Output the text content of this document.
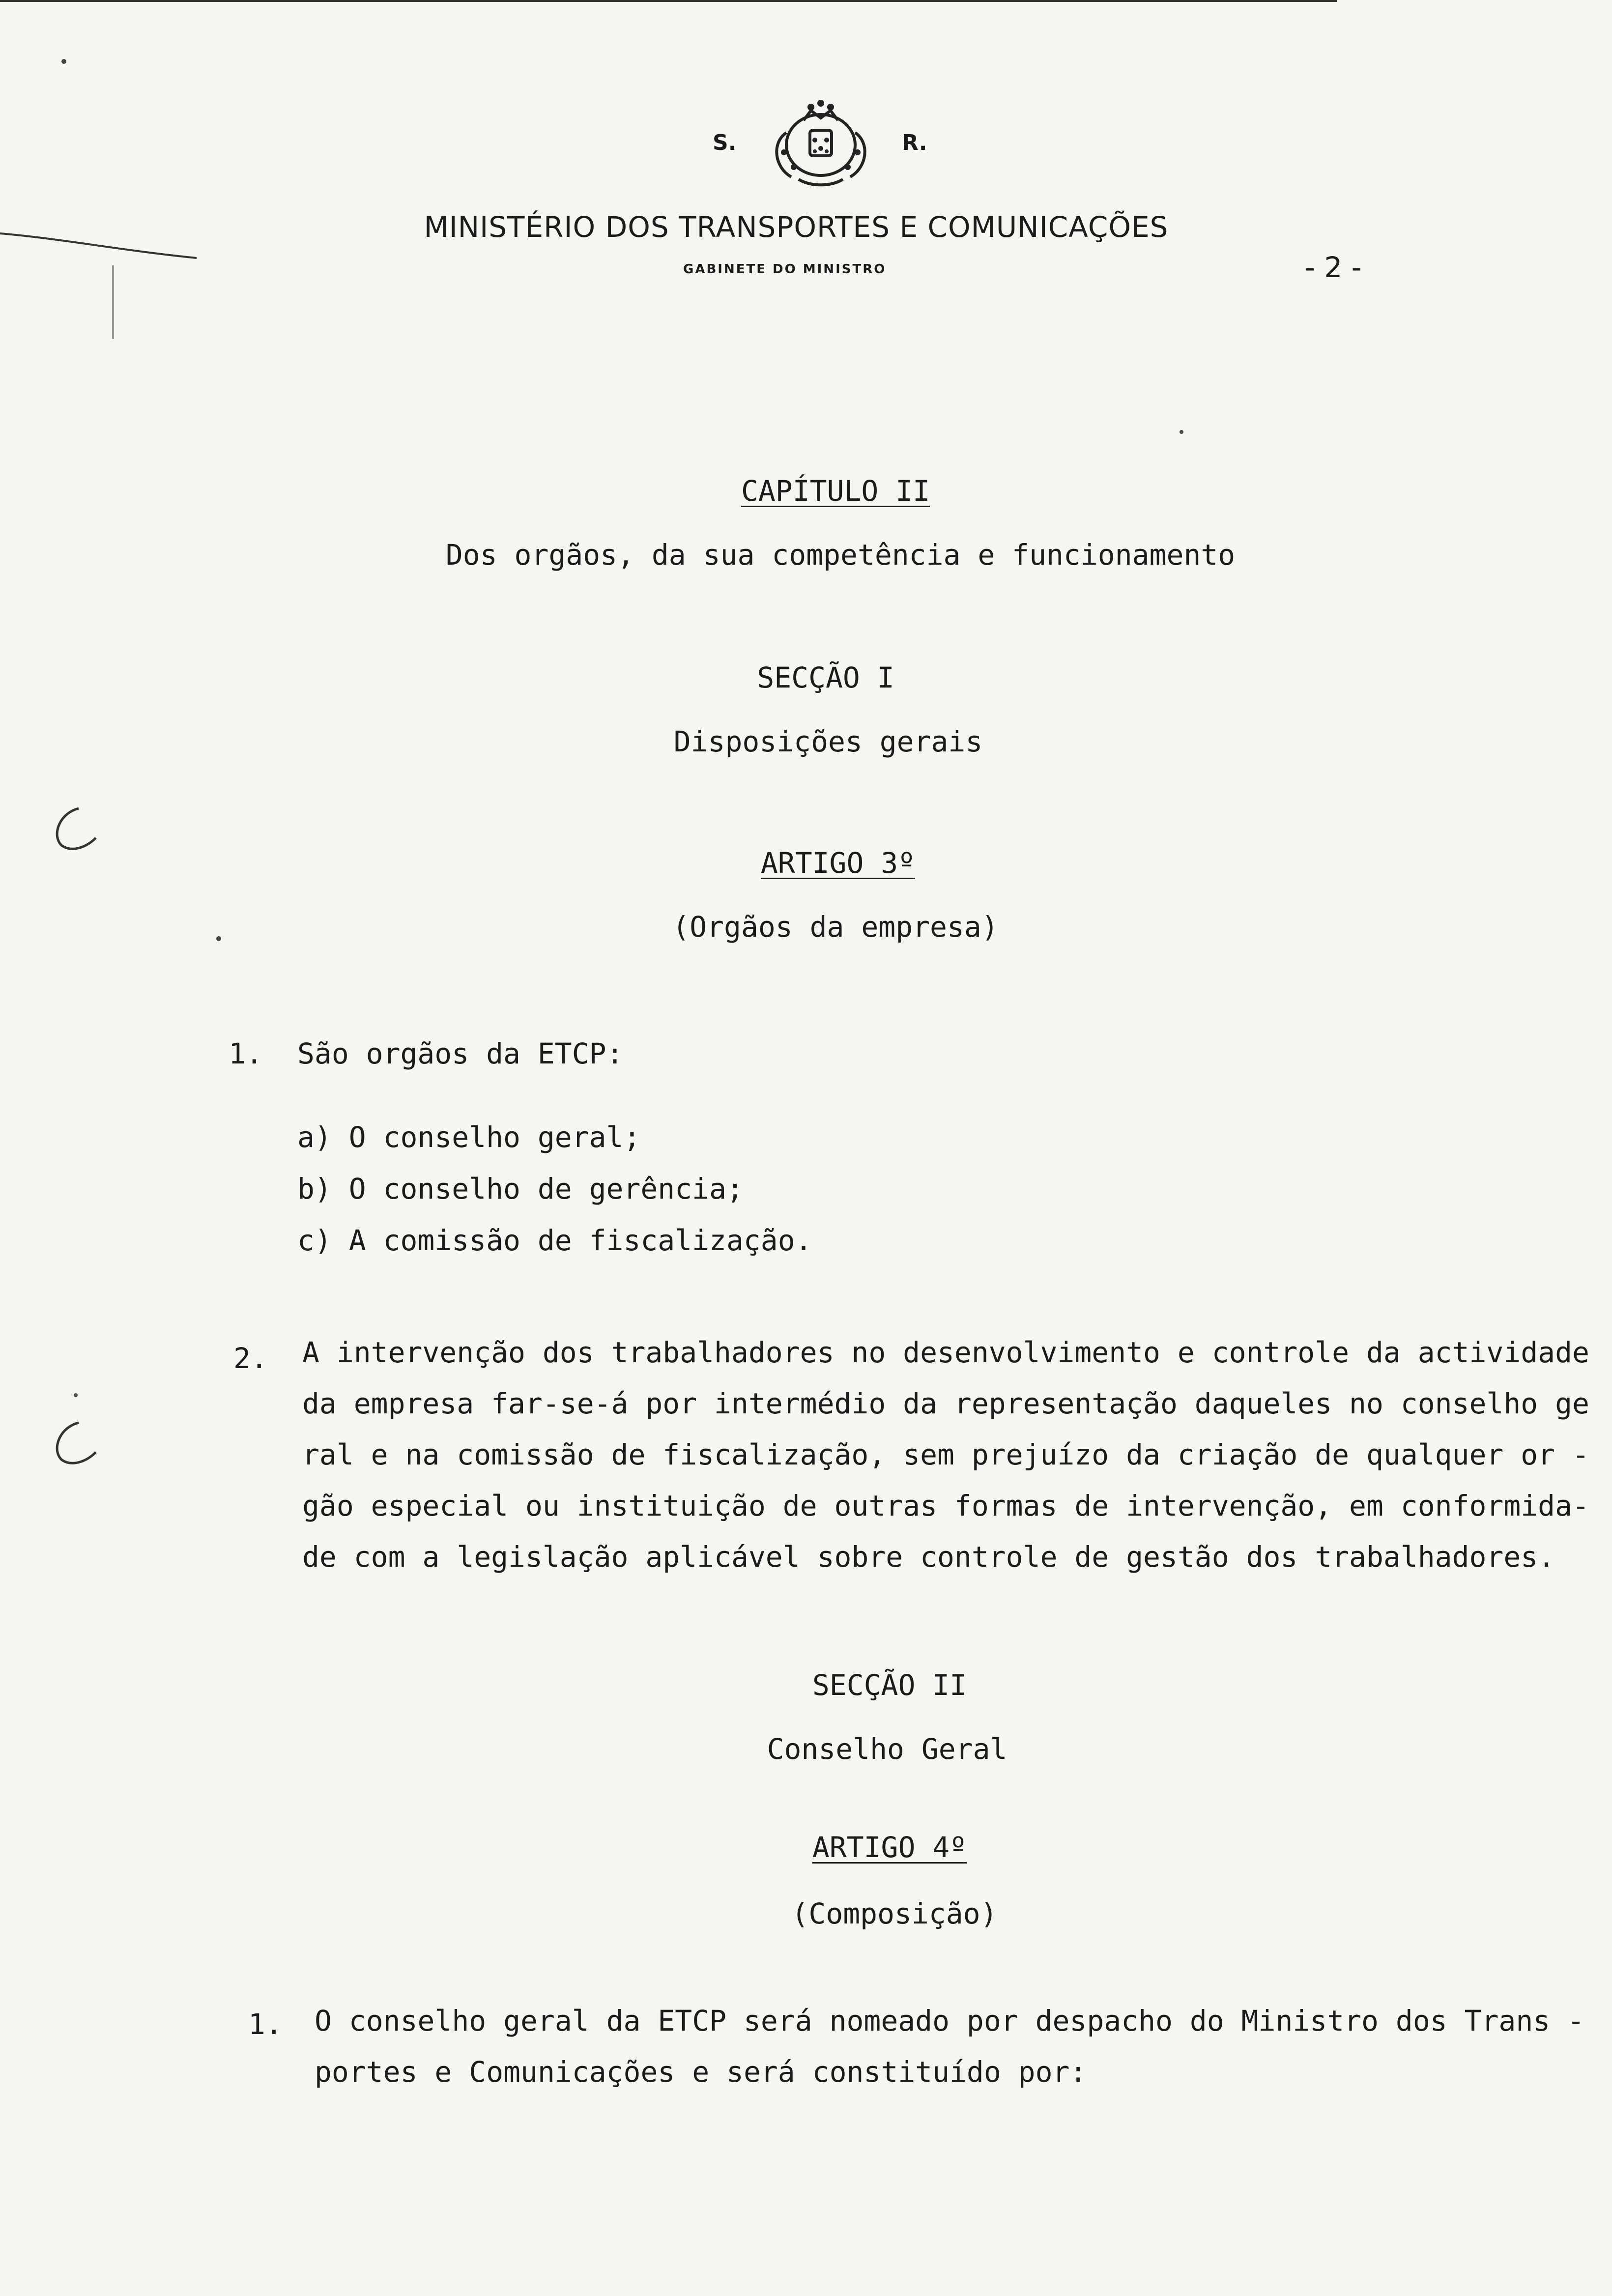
S.	R.
MINISTÉRIO DOS TRANSPORTES E COMUNICAÇÕES
GABINETE DO MINISTRO	- 2 -
CAPÍTULO II
Dos orgãos, da sua competência e funcionamento
SECÇÃO I
Disposições gerais
ARTIGO 3º
(Orgãos da empresa)
1. São orgãos da ETCP:
a) O conselho geral;
b) O conselho de gerência;
c) A comissão de fiscalização.
2. A intervenção dos trabalhadores no desenvolvimento e controle da actividade
da empresa far-se-á por intermédio da representação daqueles no conselho ge
ral e na comissão de fiscalização, sem prejuízo da criação de qualquer or -
gão especial ou instituição de outras formas de intervenção, em conformida-
de com a legislação aplicável sobre controle de gestão dos trabalhadores.
SECÇÃO II
Conselho Geral
ARTIGO 4º
(Composição)
1. O conselho geral da ETCP será nomeado por despacho do Ministro dos Trans -
portes e Comunicações e será constituído por:
